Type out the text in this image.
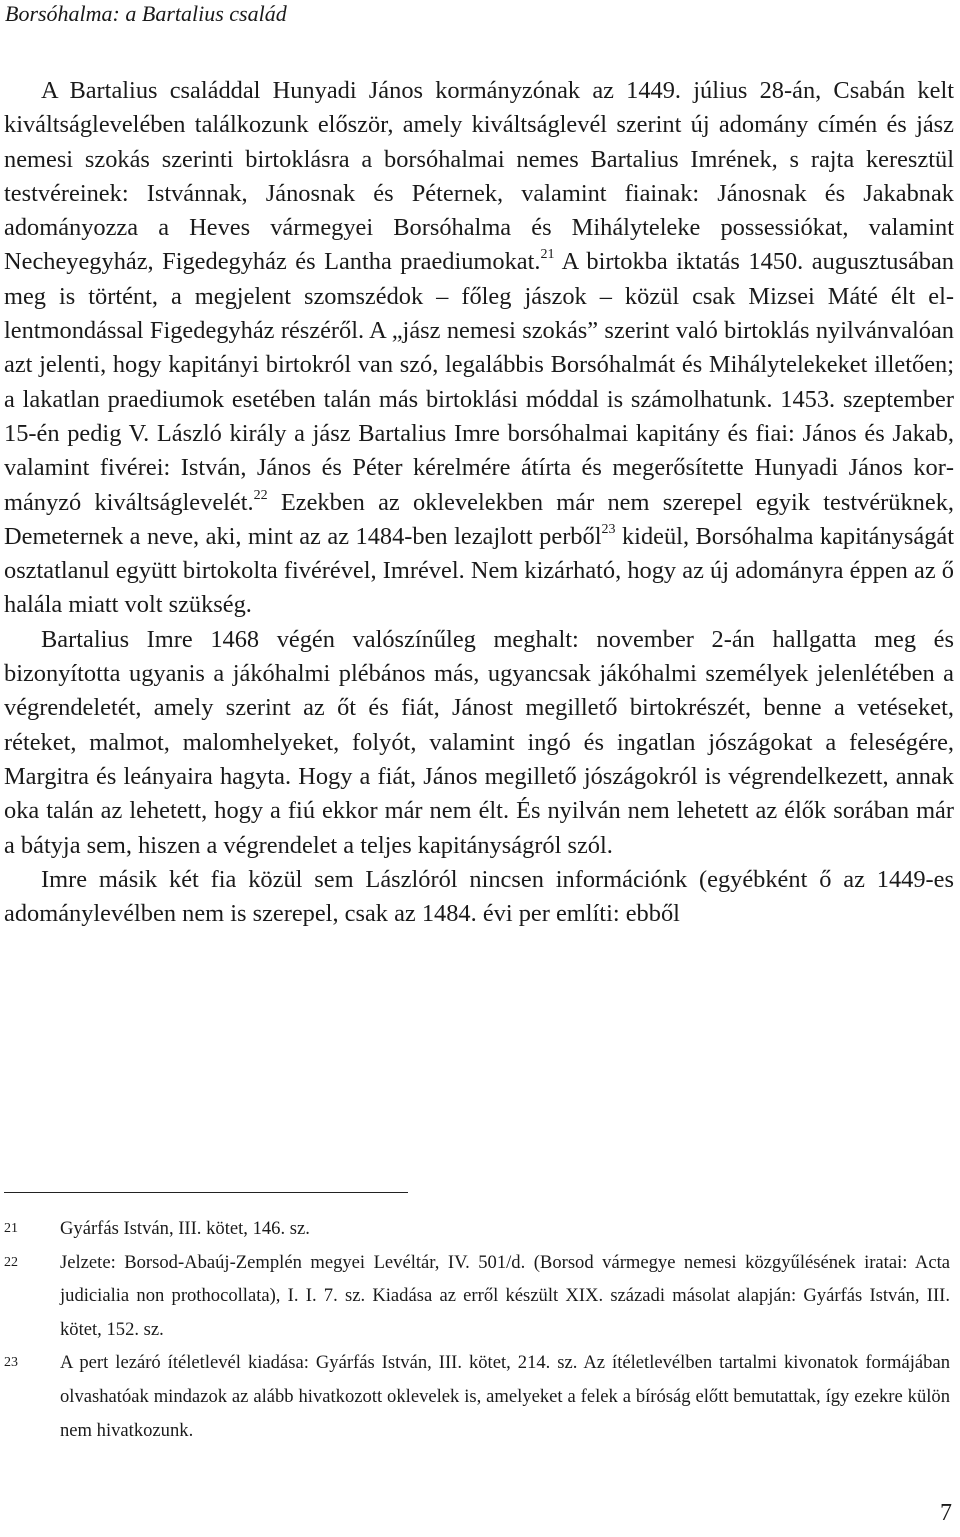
Borsóhalma: a Bartalius család

A Bartalius családdal Hunyadi János kormányzónak az 1449. július 28-án, Csabán kelt kiváltságlevelében találkozunk először, amely kiváltságlevél szerint új adomány címén és jász nemesi szokás szerinti birtoklásra a borsóhalmai nemes Bartalius Imrének, s rajta keresztül testvéreinek: Istvánnak, Jánosnak és Péternek, valamint fiainak: Jánosnak és Jakabnak adományozza a Heves vármegyei Borsóhalma és Mihályteleke possessiókat, valamint Necheyegyház, Figedegyház és Lantha praediumokat.$^{21}$ A birtokba iktatás 1450. augusztusában meg is történt, a megjelent szomszédok – főleg jászok – közül csak Mizsei Máté élt ellentmondással Figedegyház részéről. A „jász nemesi szokás” szerint való birtoklás nyilvánvalóan azt jelenti, hogy kapitányi birtokról van szó, legalábbis Borsóhalmát és Mihálytelekeket illetően; a lakatlan praediumok esetében talán más birtoklási móddal is számolhatunk. 1453. szeptember 15-én pedig V. László király a jász Bartalius Imre borsóhalmai kapitány és fiai: János és Jakab, valamint fivérei: István, János és Péter kérelmére átírta és megerősítette Hunyadi János kormányzó kiváltságlevelét.$^{22}$ Ezekben az oklevelekben már nem szerepel egyik testvérüknek, Demeternek a neve, aki, mint az az 1484-ben lezajlott perből$^{23}$ kideül, Borsóhalma kapitányságát osztatlanul együtt birtokolta fivérével, Imrével. Nem kizárható, hogy az új adományra éppen az ő halála miatt volt szükség.

Bartalius Imre 1468 végén valószínűleg meghalt: november 2-án hallgatta meg és bizonyította ugyanis a jákóhalmi plébános más, ugyancsak jákóhalmi személyek jelenlétében a végrendeletét, amely szerint az őt és fiát, Jánost megillető birtokrészét, benne a vetéseket, réteket, malmot, malomhelyeket, folyót, valamint ingó és ingatlan jószágokat a feleségére, Margitra és leányaira hagyta. Hogy a fiát, János megillető jószágokról is végrendelkezett, annak oka talán az lehetett, hogy a fiú ekkor már nem élt. És nyilván nem lehetett az élők sorában már a bátyja sem, hiszen a végrendelet a teljes kapitányságról szól.

Imre másik két fia közül sem Lászlóról nincsen információnk (egyébként ő az 1449-es adománylevélben nem is szerepel, csak az 1484. évi per említi: ebből

21 Gyárfás István, III. kötet, 146. sz.
22 Jelzete: Borsod-Abaúj-Zemplén megyei Levéltár, IV. 501/d. (Borsod vármegye nemesi közgyűlésének iratai: Acta judicialia non prothocollata), I. I. 7. sz. Kiadása az erről készült XIX. századi másolat alapján: Gyárfás István, III. kötet, 152. sz.
23 A pert lezáró ítéletlevél kiadása: Gyárfás István, III. kötet, 214. sz. Az ítéletlevélben tartalmi kivonatok formájában olvashatóak mindazok az alább hivatkozott oklevelek is, amelyeket a felek a bíróság előtt bemutattak, így ezekre külön nem hivatkozunk.
7
